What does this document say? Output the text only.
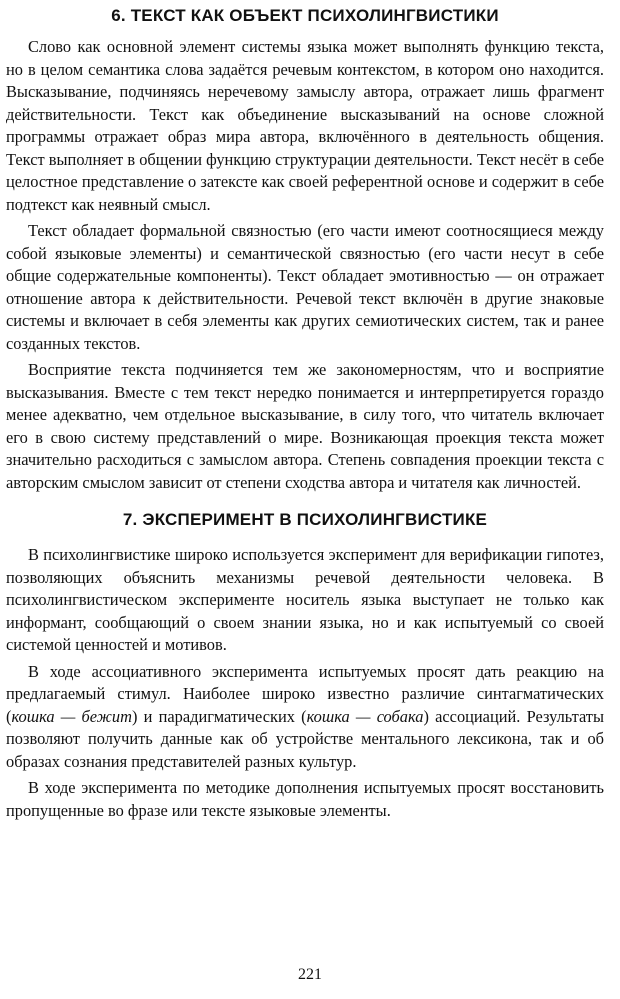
6. ТЕКСТ КАК ОБЪЕКТ ПСИХОЛИНГВИСТИКИ

Слово как основной элемент системы языка может выполнять функцию текста, но в целом семантика слова задаётся речевым контекстом, в котором оно находится. Высказывание, подчиняясь неречевому замыслу автора, отражает лишь фрагмент действительности. Текст как объединение высказываний на основе сложной программы отражает образ мира автора, включённого в деятельность общения. Текст выполняет в общении функцию структурации деятельности. Текст несёт в себе целостное представление о затексте как своей референтной основе и содержит в себе подтекст как неявный смысл.

Текст обладает формальной связностью (его части имеют соотносящиеся между собой языковые элементы) и семантической связностью (его части несут в себе общие содержательные компоненты). Текст обладает эмотивностью — он отражает отношение автора к действительности. Речевой текст включён в другие знаковые системы и включает в себя элементы как других семиотических систем, так и ранее созданных текстов.

Восприятие текста подчиняется тем же закономерностям, что и восприятие высказывания. Вместе с тем текст нередко понимается и интерпретируется гораздо менее адекватно, чем отдельное высказывание, в силу того, что читатель включает его в свою систему представлений о мире. Возникающая проекция текста может значительно расходиться с замыслом автора. Степень совпадения проекции текста с авторским смыслом зависит от степени сходства автора и читателя как личностей.

7. ЭКСПЕРИМЕНТ В ПСИХОЛИНГВИСТИКЕ

В психолингвистике широко используется эксперимент для верификации гипотез, позволяющих объяснить механизмы речевой деятельности человека. В психолингвистическом эксперименте носитель языка выступает не только как информант, сообщающий о своем знании языка, но и как испытуемый со своей системой ценностей и мотивов.

В ходе ассоциативного эксперимента испытуемых просят дать реакцию на предлагаемый стимул. Наиболее широко известно различие синтагматических (кошка — бежит) и парадигматических (кошка — собака) ассоциаций. Результаты позволяют получить данные как об устройстве ментального лексикона, так и об образах сознания представителей разных культур.

В ходе эксперимента по методике дополнения испытуемых просят восстановить пропущенные во фразе или тексте языковые элементы.

221
